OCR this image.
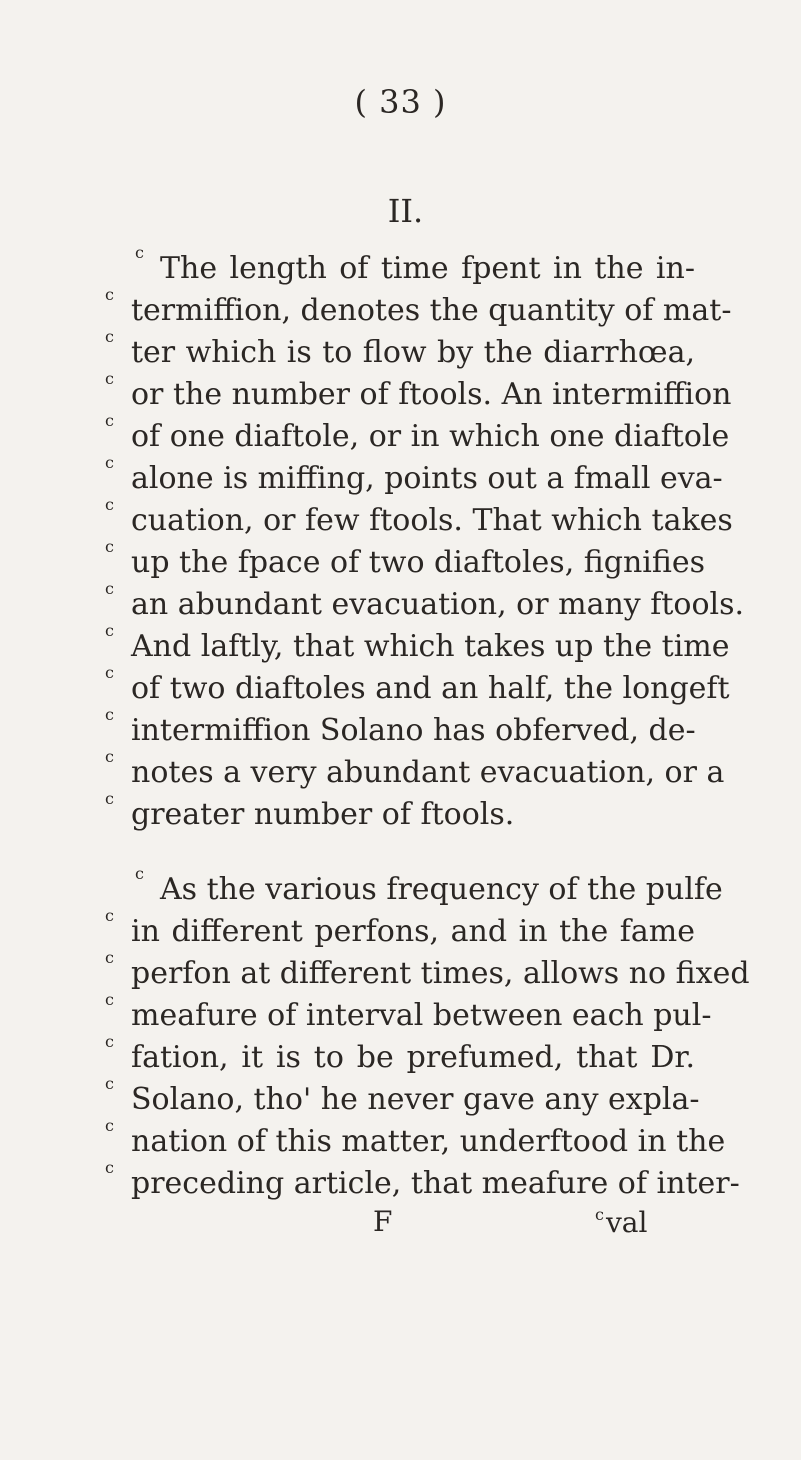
( 33 )
II.
c The length of time fpent in the in-
c termiffion, denotes the quantity of mat-
c ter which is to flow by the diarrhœa,
c or the number of ftools. An intermiffion
c of one diaftole, or in which one diaftole
c alone is miffing, points out a fmall eva-
c cuation, or few ftools. That which takes
c up the fpace of two diaftoles, fignifies
c an abundant evacuation, or many ftools.
c And laftly, that which takes up the time
c of two diaftoles and an half, the longeft
c intermiffion Solano has obferved, de-
c notes a very abundant evacuation, or a
c greater number of ftools.
c As the various frequency of the pulfe
c in different perfons, and in the fame
c perfon at different times, allows no fixed
c meafure of interval between each pul-
c fation, it is to be prefumed, that Dr.
c Solano, tho' he never gave any expla-
c nation of this matter, underftood in the
c preceding article, that meafure of inter-
F	$^c$val
